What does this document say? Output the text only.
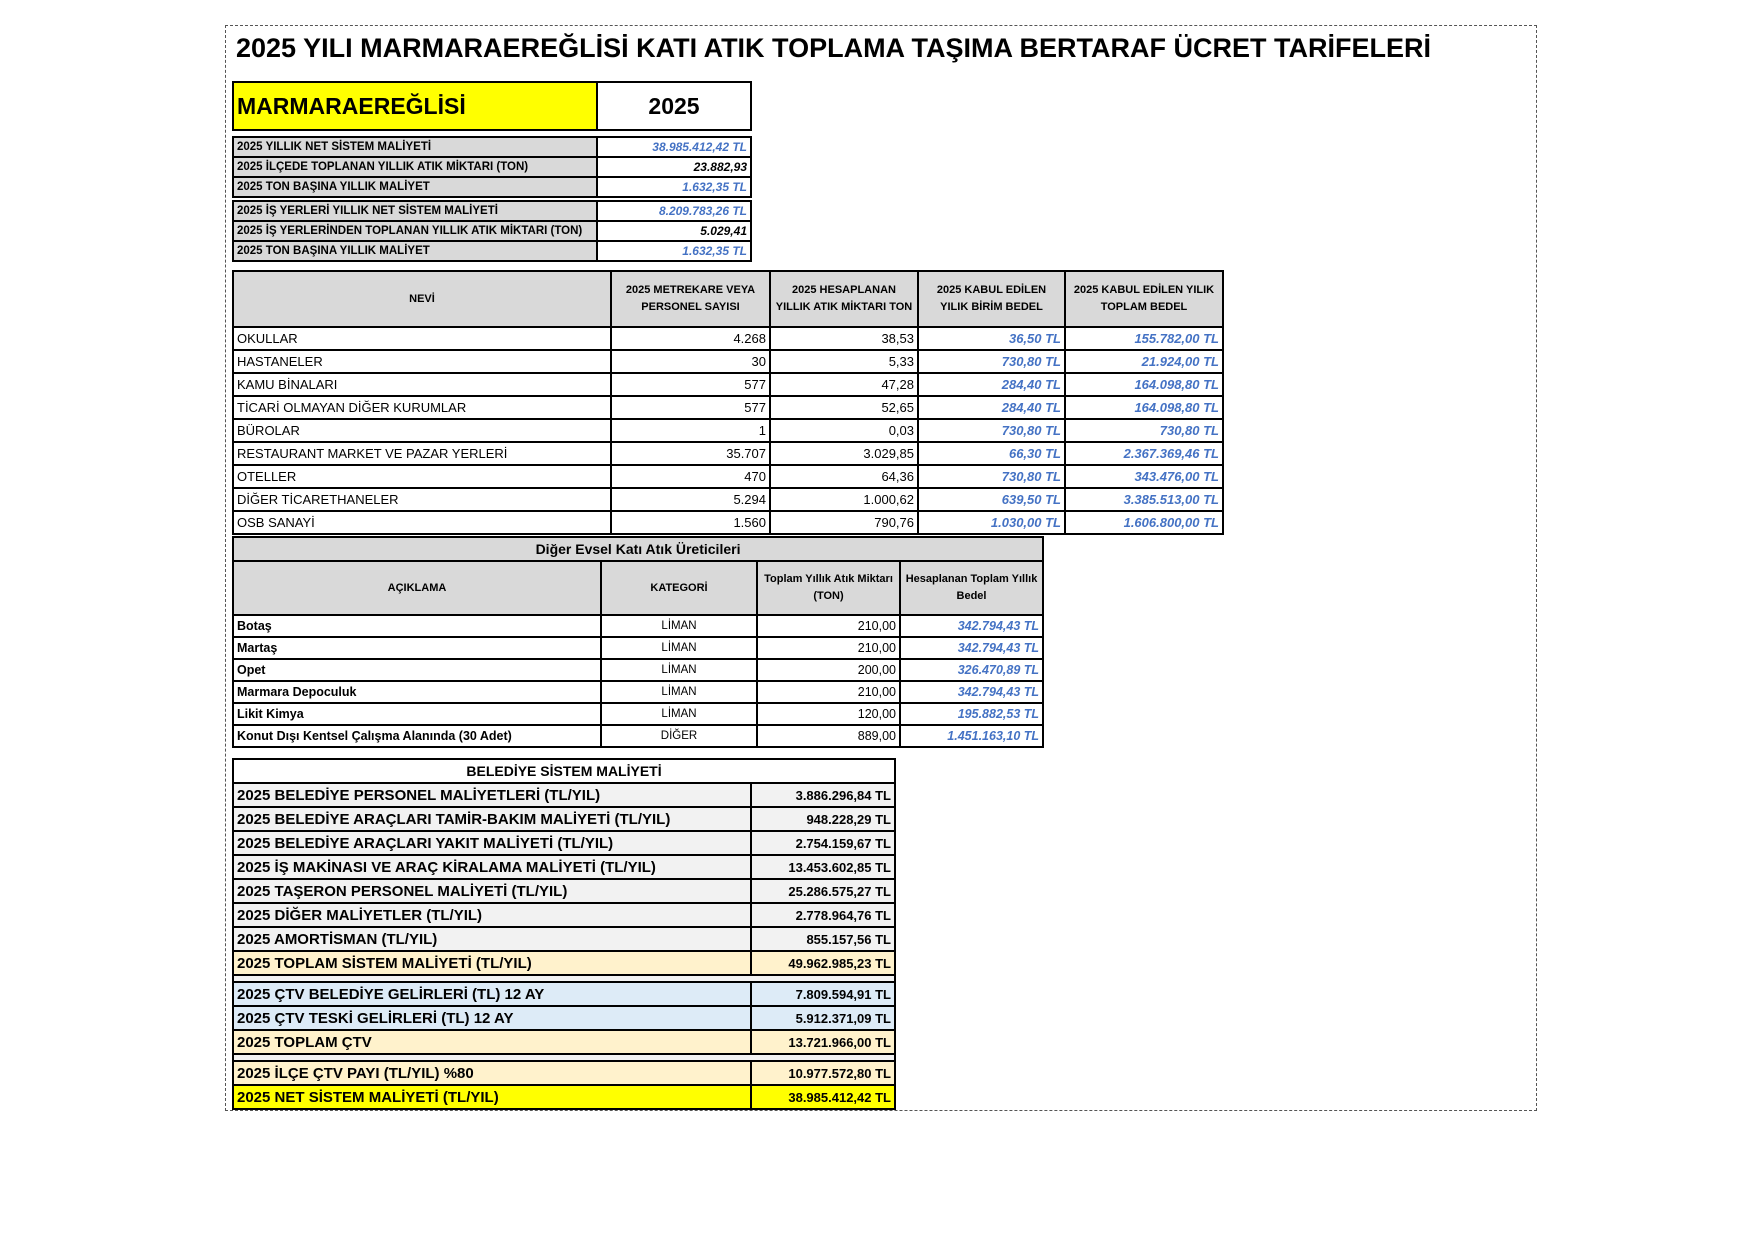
2025 YILI MARMARAEREĞLİSİ KATI ATIK TOPLAMA TAŞIMA BERTARAF ÜCRET TARİFELERİ
MARMARAEREĞLİSİ	2025
2025 YILLIK NET SİSTEM MALİYETİ	38.985.412,42 TL
2025 İLÇEDE TOPLANAN YILLIK ATIK MİKTARI (TON)	23.882,93
2025 TON BAŞINA YILLIK MALİYET	1.632,35 TL

2025 İŞ YERLERİ YILLIK NET SİSTEM MALİYETİ	8.209.783,26 TL
2025 İŞ YERLERİNDEN TOPLANAN YILLIK ATIK MİKTARI (TON)	5.029,41
2025 TON BAŞINA YILLIK MALİYET	1.632,35 TL
NEVİ	2025 METREKARE VEYA PERSONEL SAYISI	2025 HESAPLANAN YILLIK ATIK MİKTARI TON	2025 KABUL EDİLEN YILIK BİRİM BEDEL	2025 KABUL EDİLEN YILIK TOPLAM BEDEL
OKULLAR	4.268	38,53	36,50 TL	155.782,00 TL
HASTANELER	30	5,33	730,80 TL	21.924,00 TL
KAMU BİNALARI	577	47,28	284,40 TL	164.098,80 TL
TİCARİ OLMAYAN DİĞER KURUMLAR	577	52,65	284,40 TL	164.098,80 TL
BÜROLAR	1	0,03	730,80 TL	730,80 TL
RESTAURANT MARKET VE PAZAR YERLERİ	35.707	3.029,85	66,30 TL	2.367.369,46 TL
OTELLER	470	64,36	730,80 TL	343.476,00 TL
DİĞER TİCARETHANELER	5.294	1.000,62	639,50 TL	3.385.513,00 TL
OSB SANAYİ	1.560	790,76	1.030,00 TL	1.606.800,00 TL
Diğer Evsel Katı Atık Üreticileri			
AÇIKLAMA	KATEGORİ	Toplam Yıllık Atık Miktarı (TON)	Hesaplanan Toplam Yıllık Bedel
Botaş	LİMAN	210,00	342.794,43 TL
Martaş	LİMAN	210,00	342.794,43 TL
Opet	LİMAN	200,00	326.470,89 TL
Marmara Depoculuk	LİMAN	210,00	342.794,43 TL
Likit Kimya	LİMAN	120,00	195.882,53 TL
Konut Dışı Kentsel Çalışma Alanında (30 Adet)	DİĞER	889,00	1.451.163,10 TL
BELEDİYE SİSTEM MALİYETİ	
2025 BELEDİYE PERSONEL MALİYETLERİ (TL/YIL)	3.886.296,84 TL
2025 BELEDİYE ARAÇLARI TAMİR-BAKIM MALİYETİ (TL/YIL)	948.228,29 TL
2025 BELEDİYE ARAÇLARI YAKIT MALİYETİ (TL/YIL)	2.754.159,67 TL
2025 İŞ MAKİNASI VE ARAÇ KİRALAMA MALİYETİ (TL/YIL)	13.453.602,85 TL
2025 TAŞERON PERSONEL MALİYETİ (TL/YIL)	25.286.575,27 TL
2025 DİĞER MALİYETLER (TL/YIL)	2.778.964,76 TL
2025 AMORTİSMAN (TL/YIL)	855.157,56 TL
2025 TOPLAM SİSTEM MALİYETİ (TL/YIL)	49.962.985,23 TL

2025 ÇTV BELEDİYE GELİRLERİ (TL) 12 AY	7.809.594,91 TL
2025 ÇTV TESKİ GELİRLERİ (TL) 12 AY	5.912.371,09 TL
2025 TOPLAM ÇTV	13.721.966,00 TL

2025 İLÇE ÇTV PAYI (TL/YIL) %80	10.977.572,80 TL
2025 NET SİSTEM MALİYETİ (TL/YIL)	38.985.412,42 TL
